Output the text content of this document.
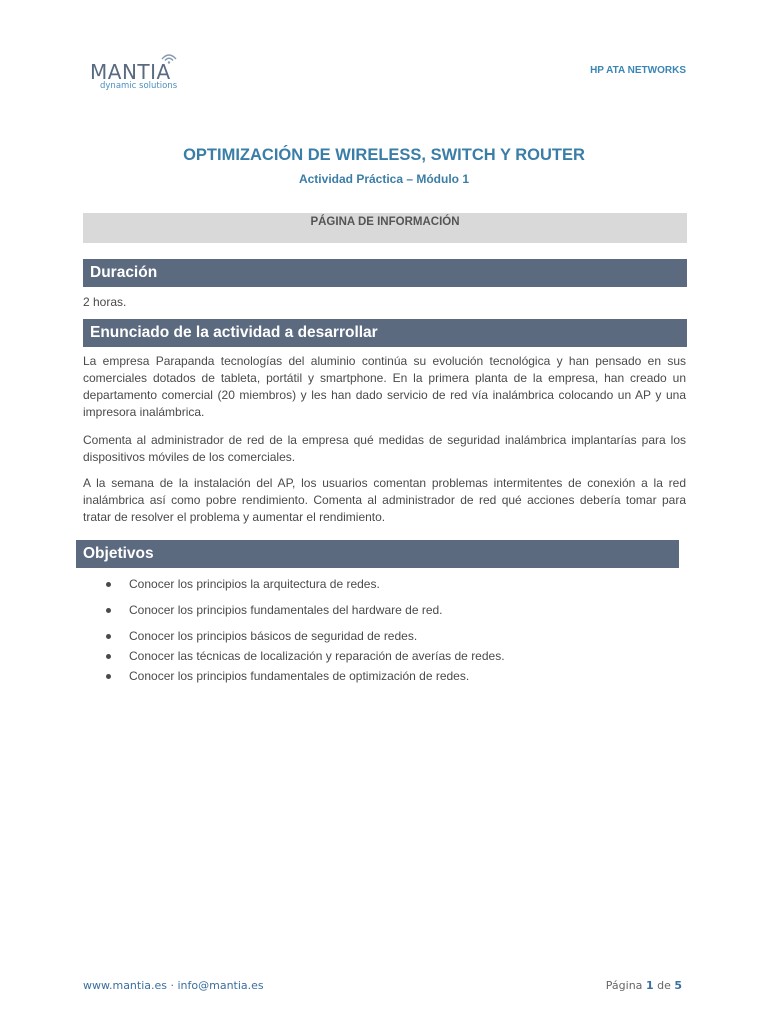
MANTIA
dynamic solutions
HP ATA NETWORKS
OPTIMIZACIÓN DE WIRELESS, SWITCH Y ROUTER
Actividad Práctica – Módulo 1
PÁGINA DE INFORMACIÓN
Duración
2 horas.
Enunciado de la actividad a desarrollar
La empresa Parapanda tecnologías del aluminio continúa su evolución tecnológica y han pensado en sus comerciales dotados de tableta, portátil y smartphone. En la primera planta de la empresa, han creado un departamento comercial (20 miembros) y les han dado servicio de red vía inalámbrica colocando un AP y una impresora inalámbrica.
Comenta al administrador de red de la empresa qué medidas de seguridad inalámbrica implantarías para los dispositivos móviles de los comerciales.
A la semana de la instalación del AP, los usuarios comentan problemas intermitentes de conexión a la red inalámbrica así como pobre rendimiento. Comenta al administrador de red qué acciones debería tomar para tratar de resolver el problema y aumentar el rendimiento.
Objetivos
Conocer los principios la arquitectura de redes.
Conocer los principios fundamentales del hardware de red.
Conocer los principios básicos de seguridad de redes.
Conocer las técnicas de localización y reparación de averías de redes.
Conocer los principios fundamentales de optimización de redes.
www.mantia.es · info@mantia.es	Página 1 de 5
